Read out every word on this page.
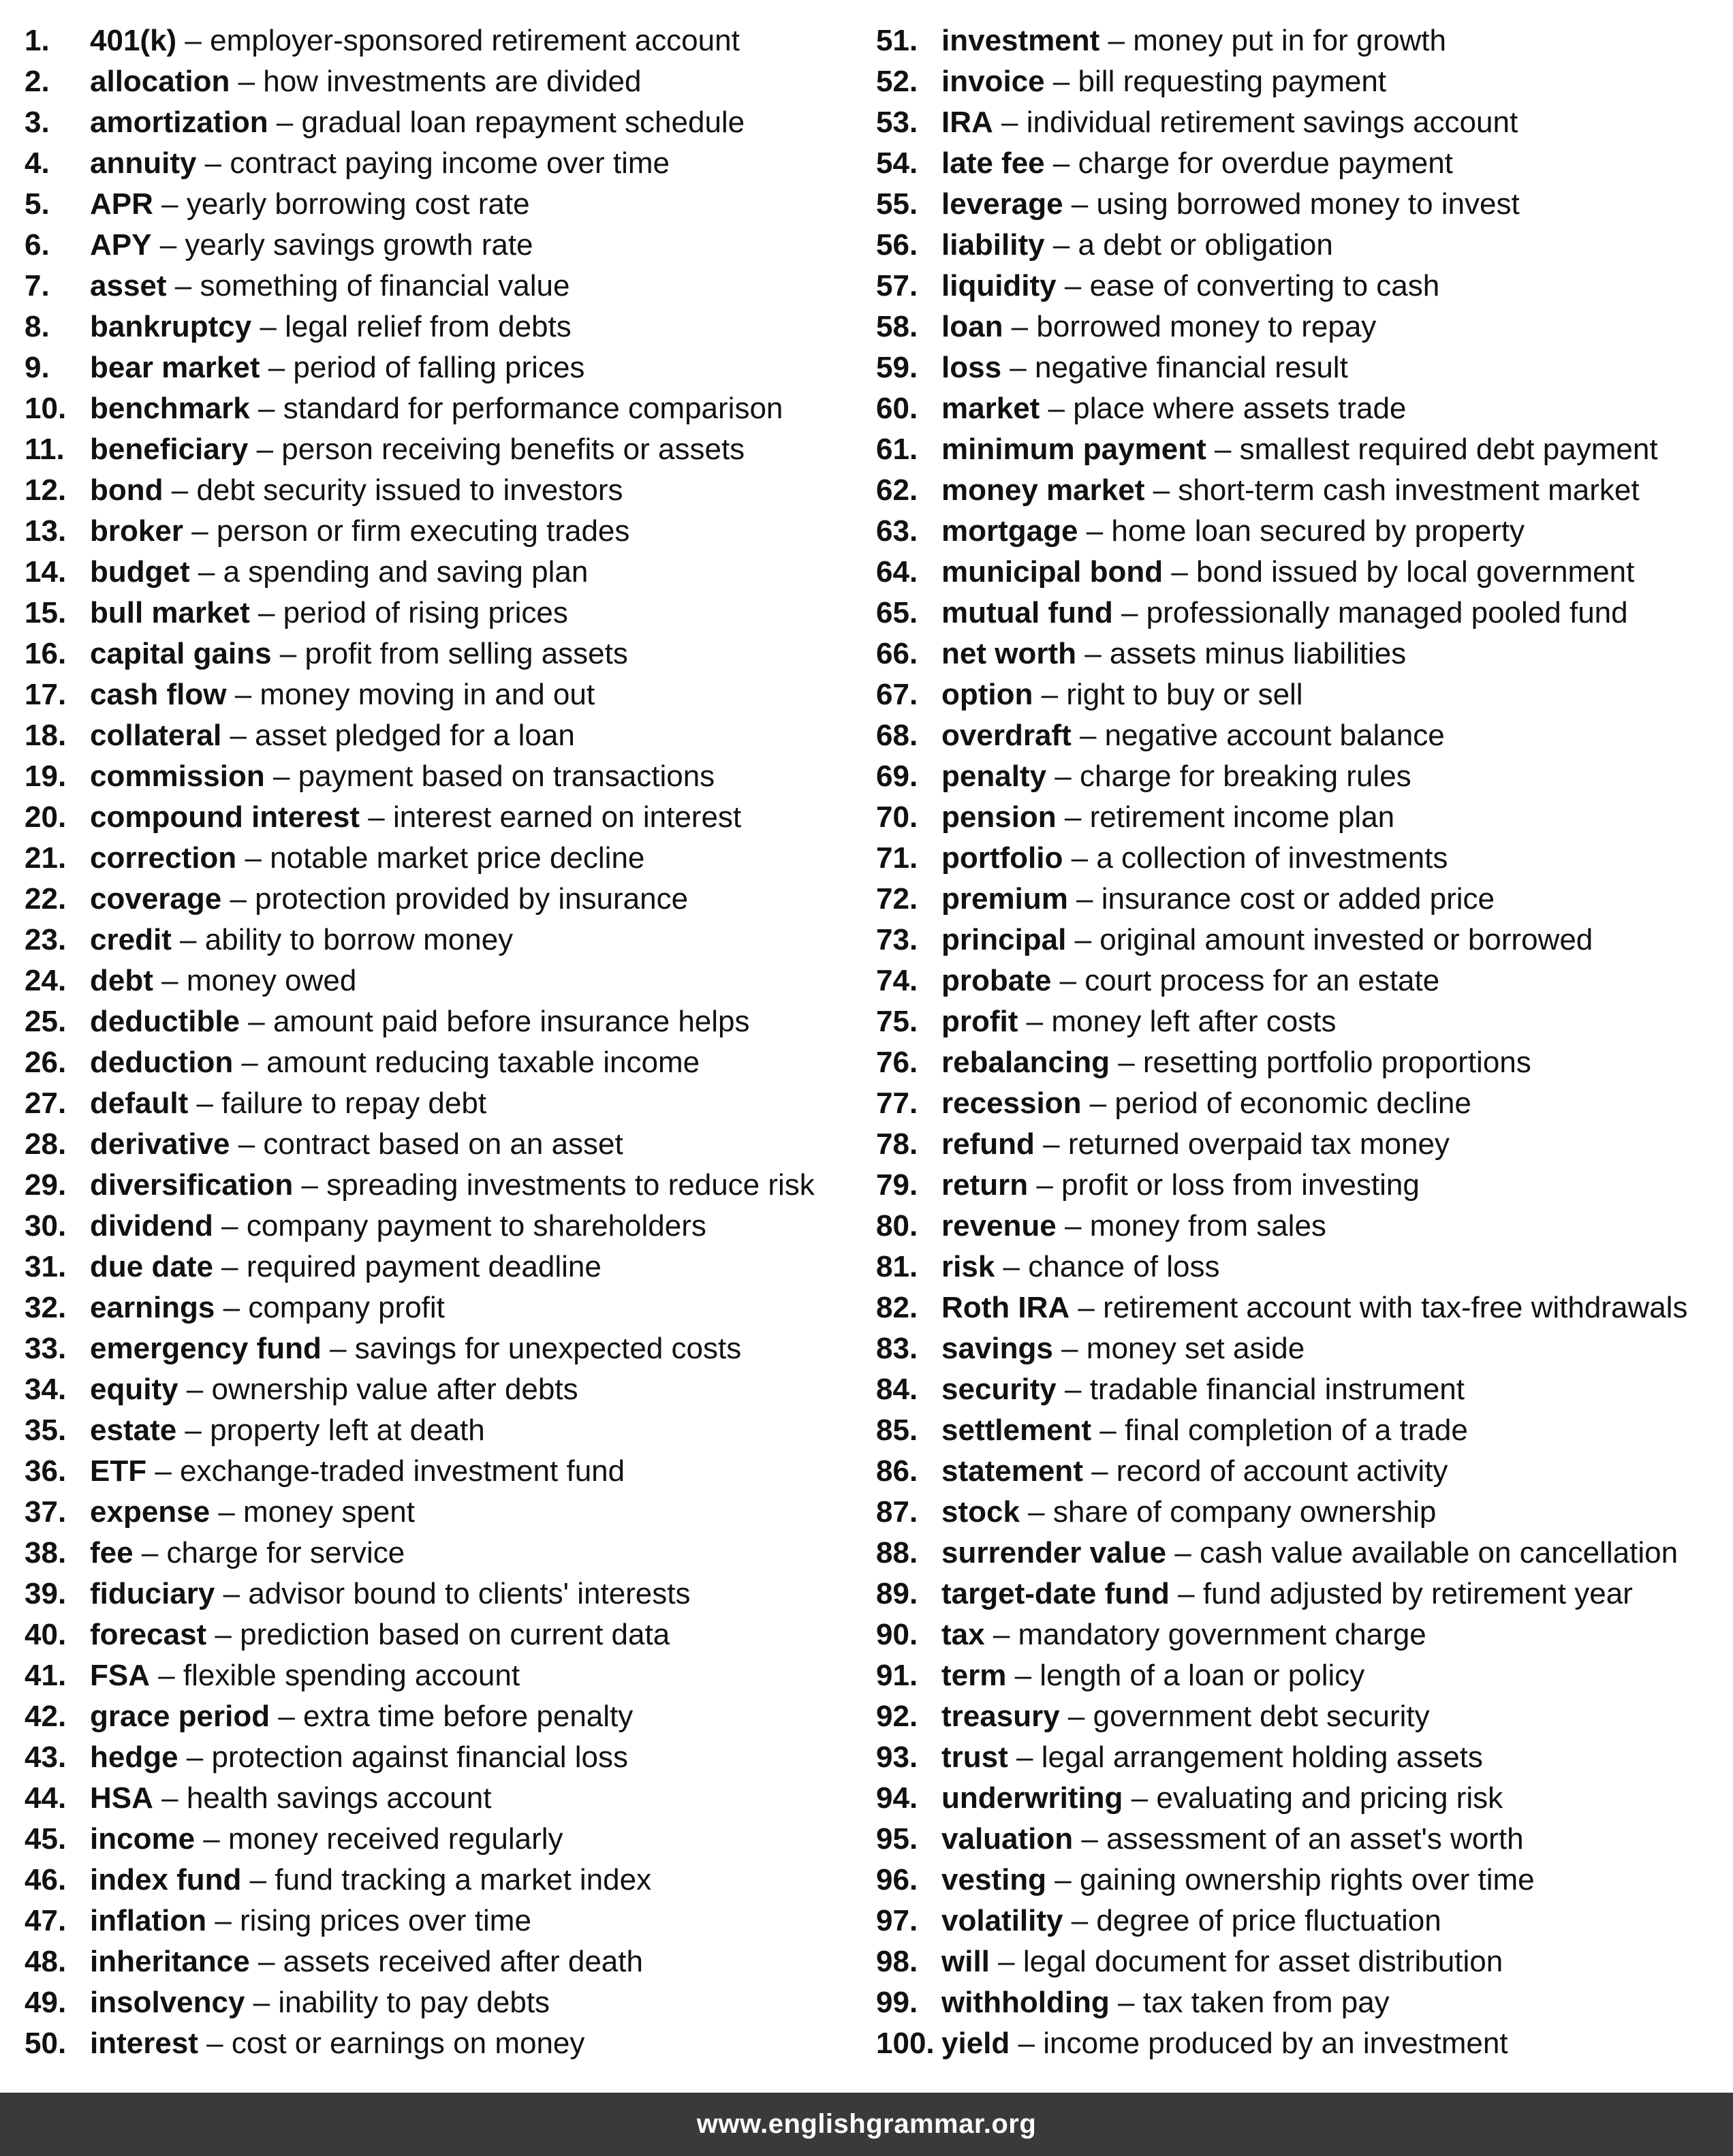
1.	401(k) – employer-sponsored retirement account
2.	allocation – how investments are divided
3.	amortization – gradual loan repayment schedule
4.	annuity – contract paying income over time
5.	APR – yearly borrowing cost rate
6.	APY – yearly savings growth rate
7.	asset – something of financial value
8.	bankruptcy – legal relief from debts
9.	bear market – period of falling prices
10. benchmark – standard for performance comparison
11. beneficiary – person receiving benefits or assets
12. bond – debt security issued to investors
13. broker – person or firm executing trades
14. budget – a spending and saving plan
15. bull market – period of rising prices
16. capital gains – profit from selling assets
17. cash flow – money moving in and out
18. collateral – asset pledged for a loan
19. commission – payment based on transactions
20. compound interest – interest earned on interest
21. correction – notable market price decline
22. coverage – protection provided by insurance
23. credit – ability to borrow money
24. debt – money owed
25. deductible – amount paid before insurance helps
26. deduction – amount reducing taxable income
27. default – failure to repay debt
28. derivative – contract based on an asset
29. diversification – spreading investments to reduce risk
30. dividend – company payment to shareholders
31. due date – required payment deadline
32. earnings – company profit
33. emergency fund – savings for unexpected costs
34. equity – ownership value after debts
35. estate – property left at death
36. ETF – exchange-traded investment fund
37. expense – money spent
38. fee – charge for service
39. fiduciary – advisor bound to clients' interests
40. forecast – prediction based on current data
41. FSA – flexible spending account
42. grace period – extra time before penalty
43. hedge – protection against financial loss
44. HSA – health savings account
45. income – money received regularly
46. index fund – fund tracking a market index
47. inflation – rising prices over time
48. inheritance – assets received after death
49. insolvency – inability to pay debts
50. interest – cost or earnings on money
51. investment – money put in for growth
52. invoice – bill requesting payment
53. IRA – individual retirement savings account
54. late fee – charge for overdue payment
55. leverage – using borrowed money to invest
56. liability – a debt or obligation
57. liquidity – ease of converting to cash
58. loan – borrowed money to repay
59. loss – negative financial result
60. market – place where assets trade
61. minimum payment – smallest required debt payment
62. money market – short-term cash investment market
63. mortgage – home loan secured by property
64. municipal bond – bond issued by local government
65. mutual fund – professionally managed pooled fund
66. net worth – assets minus liabilities
67. option – right to buy or sell
68. overdraft – negative account balance
69. penalty – charge for breaking rules
70. pension – retirement income plan
71. portfolio – a collection of investments
72. premium – insurance cost or added price
73. principal – original amount invested or borrowed
74. probate – court process for an estate
75. profit – money left after costs
76. rebalancing – resetting portfolio proportions
77. recession – period of economic decline
78. refund – returned overpaid tax money
79. return – profit or loss from investing
80. revenue – money from sales
81. risk – chance of loss
82. Roth IRA – retirement account with tax-free withdrawals
83. savings – money set aside
84. security – tradable financial instrument
85. settlement – final completion of a trade
86. statement – record of account activity
87. stock – share of company ownership
88. surrender value – cash value available on cancellation
89. target-date fund – fund adjusted by retirement year
90. tax – mandatory government charge
91. term – length of a loan or policy
92. treasury – government debt security
93. trust – legal arrangement holding assets
94. underwriting – evaluating and pricing risk
95. valuation – assessment of an asset's worth
96. vesting – gaining ownership rights over time
97. volatility – degree of price fluctuation
98. will – legal document for asset distribution
99. withholding – tax taken from pay
100. yield – income produced by an investment
www.englishgrammar.org
